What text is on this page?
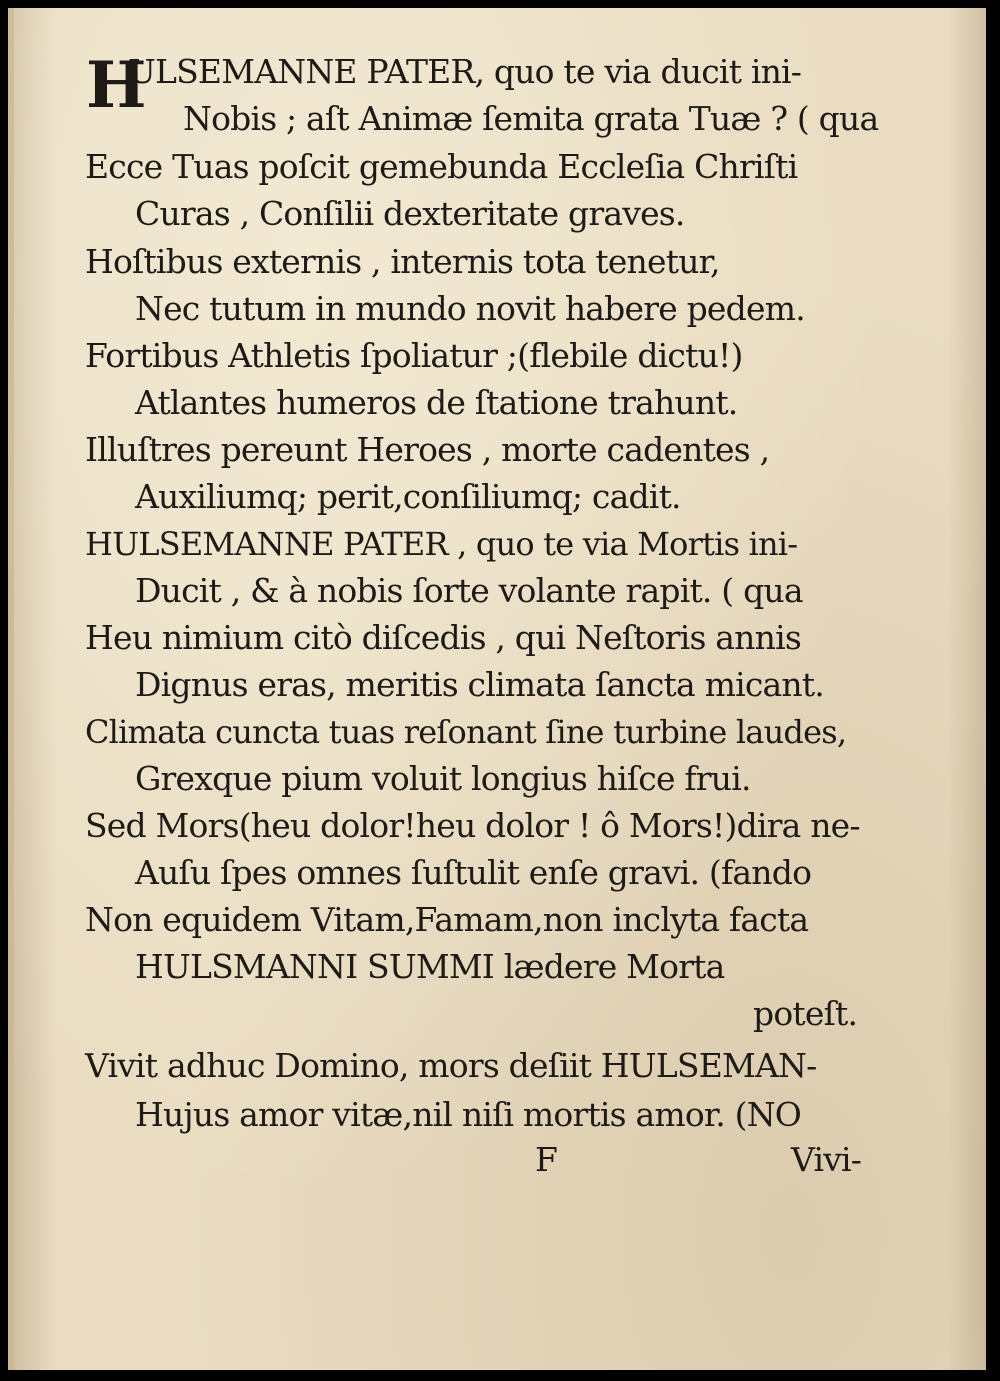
H

ULSEMANNE PATER, quo te via ducit ini-

Nobis ; aſt Animæ ſemita grata Tuæ ? ( qua

Ecce Tuas poſcit gemebunda Eccleſia Chriſti

Curas , Conſilii dexteritate graves.

Hoſtibus externis , internis tota tenetur,

Nec tutum in mundo novit habere pedem.

Fortibus Athletis ſpoliatur ;(flebile dictu!)

Atlantes humeros de ſtatione trahunt.

Illuſtres pereunt Heroes , morte cadentes ,

Auxiliumq; perit,conſiliumq; cadit.

HULSEMANNE PATER , quo te via Mortis ini-

Ducit , & à nobis ſorte volante rapit. ( qua

Heu nimium citò diſcedis , qui Neſtoris annis

Dignus eras, meritis climata ſancta micant.

Climata cuncta tuas reſonant ſine turbine laudes,

Grexque pium voluit longius hiſce frui.

Sed Mors(heu dolor!heu dolor ! ô Mors!)dira ne-

Auſu ſpes omnes ſuſtulit enſe gravi. (fando

Non equidem Vitam,Famam,non inclyta facta

HULSMANNI SUMMI lædere Morta

poteſt.

Vivit adhuc Domino, mors deſiit HULSEMAN-

Hujus amor vitæ,nil niſi mortis amor. (NO

F	Vivi-
